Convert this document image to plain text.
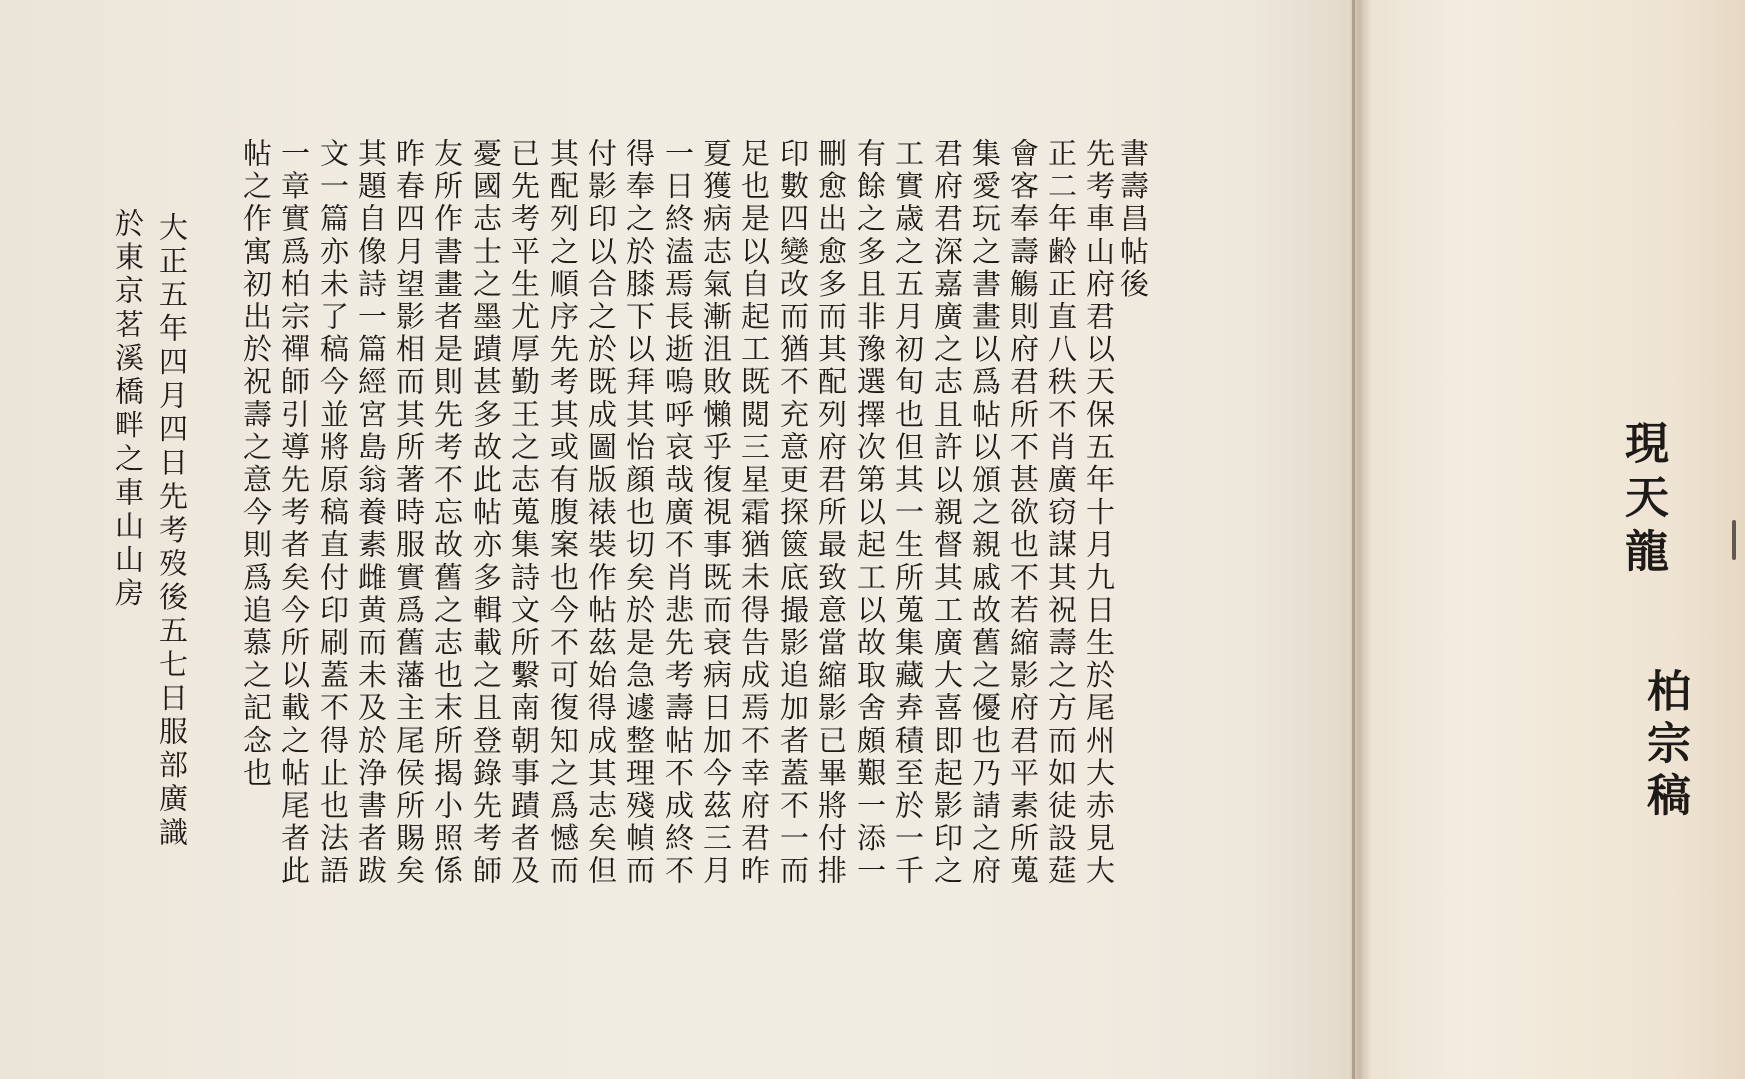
書壽昌帖後
先考車山府君以天保五年十月九日生於尾州大赤見大
正二年齢正直八秩不肖廣窃謀其祝壽之方而如徒設莚
會客奉壽觴則府君所不甚欲也不若縮影府君平素所蒐
集愛玩之書畫以爲帖以頒之親戚故舊之優也乃請之府
君府君深嘉廣之志且許以親督其工廣大喜即起影印之
工實歳之五月初旬也但其一生所蒐集藏弆積至於一千
有餘之多且非豫選擇次第以起工以故取舍頗艱一添一
刪愈出愈多而其配列府君所最致意當縮影已畢將付排
印數四變改而猶不充意更探篋底撮影追加者蓋不一而
足也是以自起工既閲三星霜猶未得告成焉不幸府君昨
夏獲病志氣漸沮敗懶乎復視事既而衰病日加今茲三月
一日終溘焉長逝嗚呼哀哉廣不肖悲先考壽帖不成終不
得奉之於膝下以拜其怡顔也切矣於是急遽整理殘幀而
付影印以合之於既成圖版裱裝作帖茲始得成其志矣但
其配列之順序先考其或有腹案也今不可復知之爲憾而
已先考平生尤厚勤王之志蒐集詩文所繫南朝事蹟者及
憂國志士之墨蹟甚多故此帖亦多輯載之且登錄先考師
友所作書畫者是則先考不忘故舊之志也末所揭小照係
昨春四月望影相而其所著時服實爲舊藩主尾侯所賜矣
其題自像詩一篇經宮島翁養素雌黄而未及於浄書者跋
文一篇亦未了稿今並將原稿直付印刷蓋不得止也法語
一章實爲柏宗禪師引導先考者矣今所以載之帖尾者此
帖之作寓初出於祝壽之意今則爲追慕之記念也
大正五年四月四日先考歿後五七日服部廣識
於東京茗溪橋畔之車山山房	現天龍
柏宗稿
